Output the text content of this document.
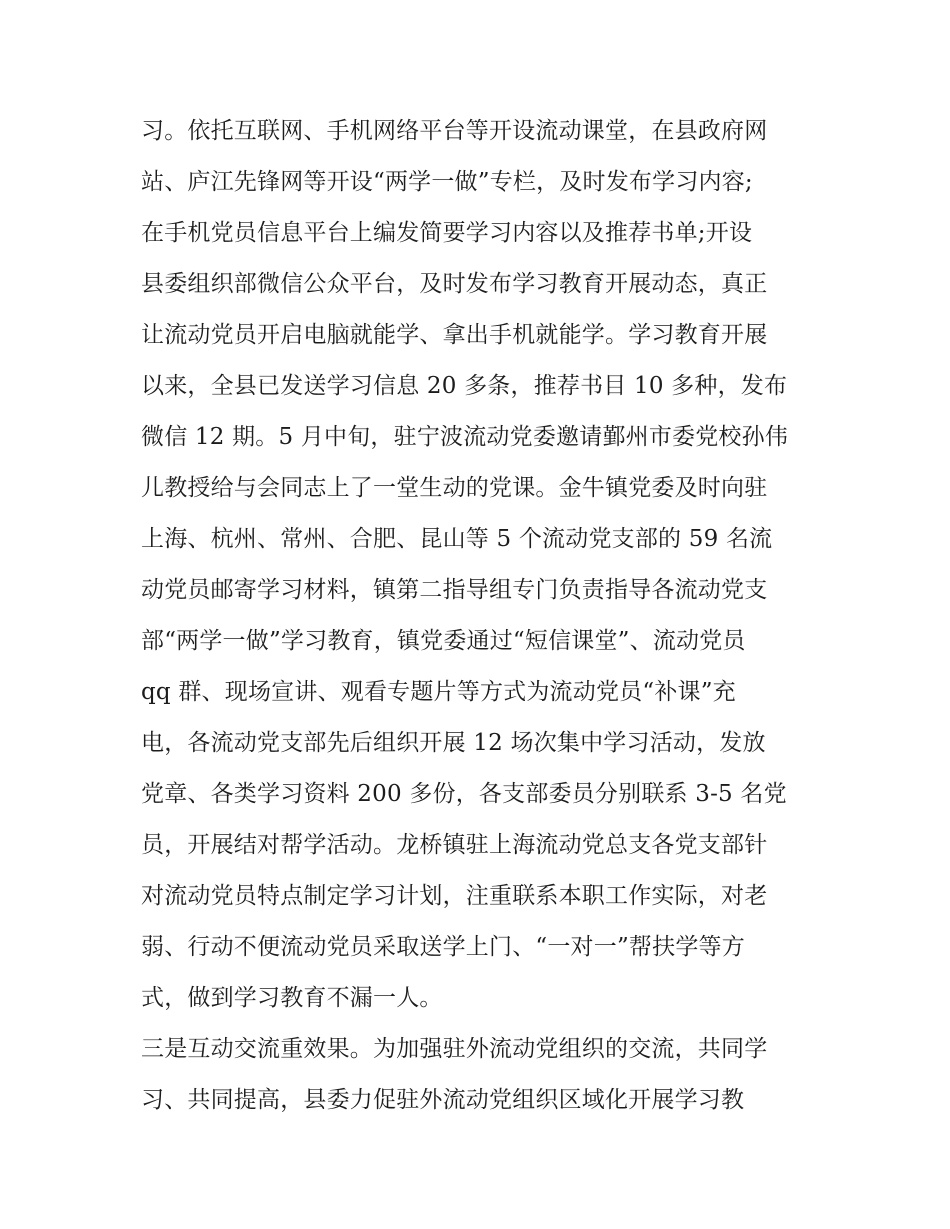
习。依托互联网、手机网络平台等开设流动课堂，在县政府网
站、庐江先锋网等开设“两学一做”专栏，及时发布学习内容;
在手机党员信息平台上编发简要学习内容以及推荐书单;开设
县委组织部微信公众平台，及时发布学习教育开展动态，真正
让流动党员开启电脑就能学、拿出手机就能学。学习教育开展
以来，全县已发送学习信息 20 多条，推荐书目 10 多种，发布
微信 12 期。5 月中旬，驻宁波流动党委邀请鄞州市委党校孙伟
儿教授给与会同志上了一堂生动的党课。金牛镇党委及时向驻
上海、杭州、常州、合肥、昆山等 5 个流动党支部的 59 名流
动党员邮寄学习材料，镇第二指导组专门负责指导各流动党支
部“两学一做”学习教育，镇党委通过“短信课堂”、流动党员
qq 群、现场宣讲、观看专题片等方式为流动党员“补课”充
电，各流动党支部先后组织开展 12 场次集中学习活动，发放
党章、各类学习资料 200 多份，各支部委员分别联系 3-5 名党
员，开展结对帮学活动。龙桥镇驻上海流动党总支各党支部针
对流动党员特点制定学习计划，注重联系本职工作实际，对老
弱、行动不便流动党员采取送学上门、“一对一”帮扶学等方
式，做到学习教育不漏一人。
三是互动交流重效果。为加强驻外流动党组织的交流，共同学
习、共同提高，县委力促驻外流动党组织区域化开展学习教
